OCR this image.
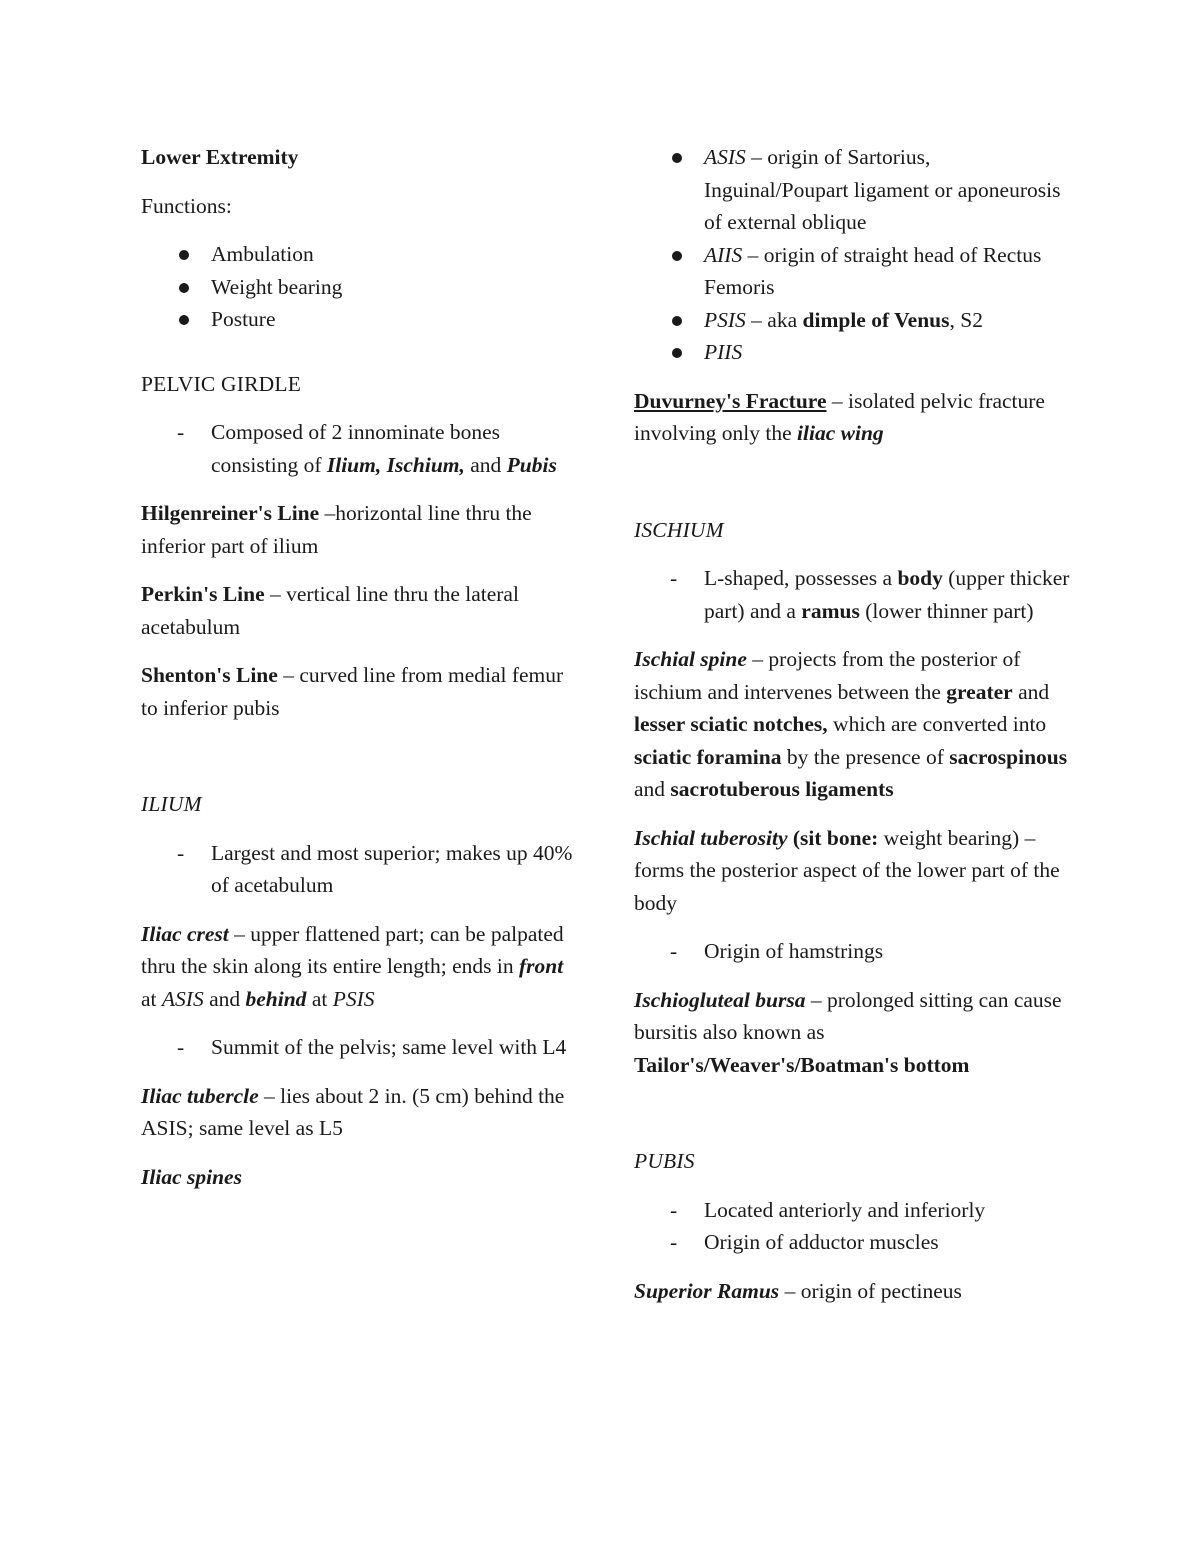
Lower Extremity

Functions:

Ambulation
Weight bearing
Posture

PELVIC GIRDLE

- Composed of 2 innominate bones consisting of Ilium, Ischium, and Pubis

Hilgenreiner's Line –horizontal line thru the inferior part of ilium

Perkin's Line – vertical line thru the lateral acetabulum

Shenton's Line – curved line from medial femur to inferior pubis

ILIUM

- Largest and most superior; makes up 40% of acetabulum

Iliac crest – upper flattened part; can be palpated thru the skin along its entire length; ends in front at ASIS and behind at PSIS

- Summit of the pelvis; same level with L4

Iliac tubercle – lies about 2 in. (5 cm) behind the ASIS; same level as L5

Iliac spines

ASIS – origin of Sartorius, Inguinal/Poupart ligament or aponeurosis of external oblique
AIIS – origin of straight head of Rectus Femoris
PSIS – aka dimple of Venus, S2
PIIS

Duvurney's Fracture – isolated pelvic fracture involving only the iliac wing

ISCHIUM

- L-shaped, possesses a body (upper thicker part) and a ramus (lower thinner part)

Ischial spine – projects from the posterior of ischium and intervenes between the greater and lesser sciatic notches, which are converted into sciatic foramina by the presence of sacrospinous and sacrotuberous ligaments

Ischial tuberosity (sit bone: weight bearing) – forms the posterior aspect of the lower part of the body

- Origin of hamstrings

Ischiogluteal bursa – prolonged sitting can cause bursitis also known as Tailor's/Weaver's/Boatman's bottom

PUBIS

- Located anteriorly and inferiorly
- Origin of adductor muscles

Superior Ramus – origin of pectineus
